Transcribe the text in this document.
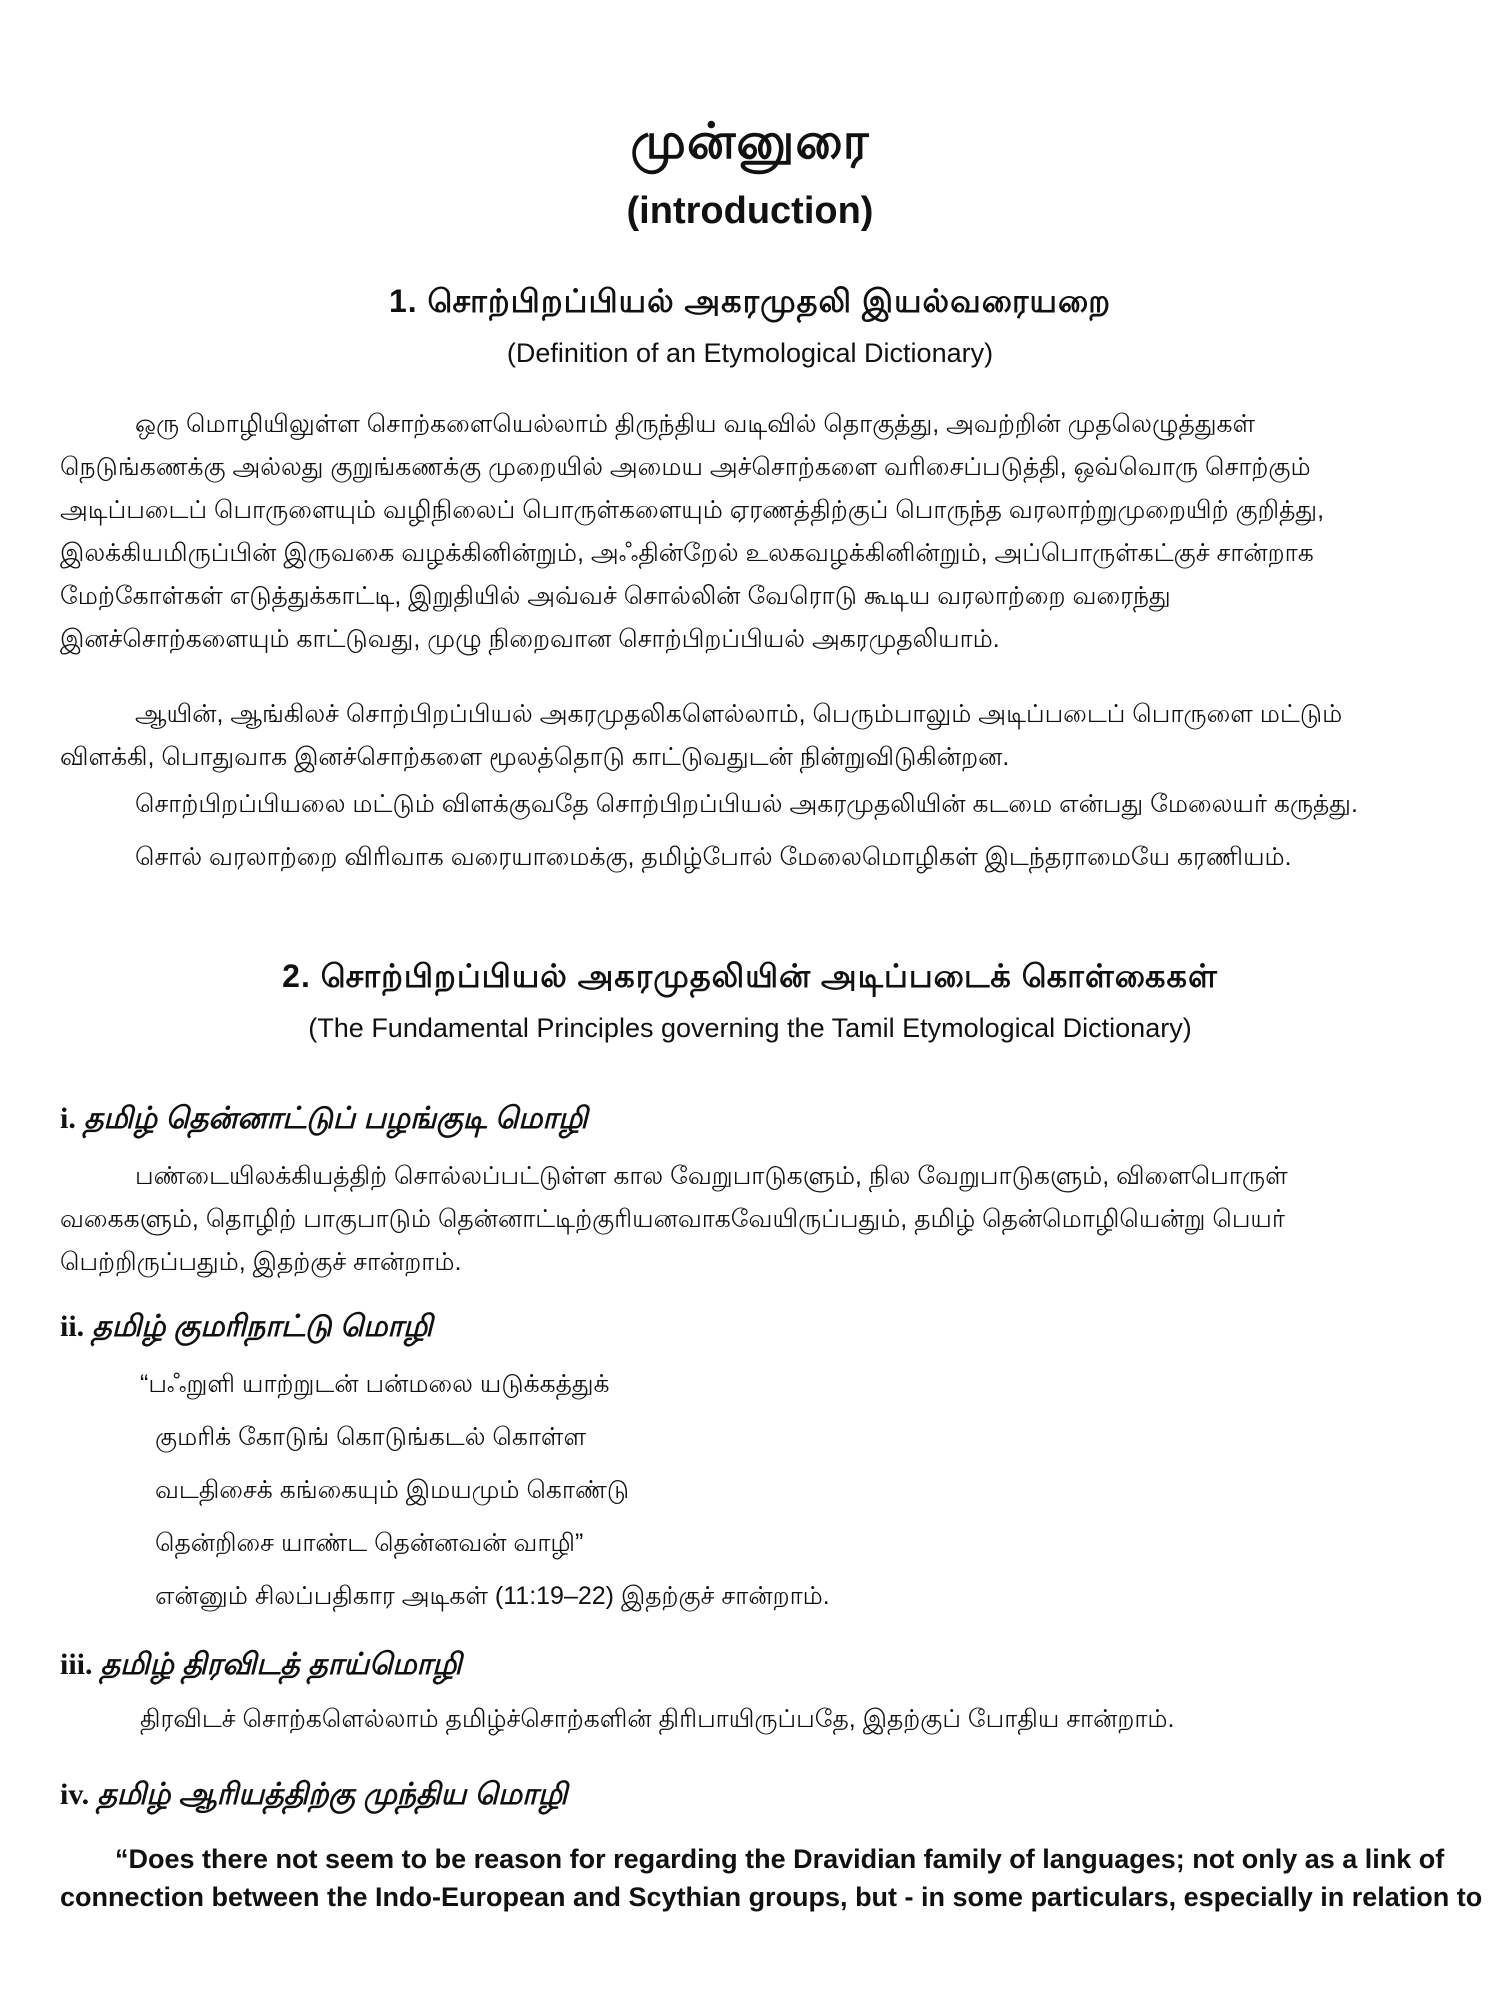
முன்னுரை
(introduction)
1. சொற்பிறப்பியல் அகரமுதலி இயல்வரையறை
(Definition of an Etymological Dictionary)
ஒரு மொழியிலுள்ள சொற்களையெல்லாம் திருந்திய வடிவில் தொகுத்து, அவற்றின் முதலெழுத்துகள்
நெடுங்கணக்கு அல்லது குறுங்கணக்கு முறையில் அமைய அச்சொற்களை வரிசைப்படுத்தி, ஒவ்வொரு சொற்கும்
அடிப்படைப் பொருளையும் வழிநிலைப் பொருள்களையும் ஏரணத்திற்குப் பொருந்த வரலாற்றுமுறையிற் குறித்து,
இலக்கியமிருப்பின் இருவகை வழக்கினின்றும், அஃதின்றேல் உலகவழக்கினின்றும், அப்பொருள்கட்குச் சான்றாக
மேற்கோள்கள் எடுத்துக்காட்டி, இறுதியில் அவ்வச் சொல்லின் வேரொடு கூடிய வரலாற்றை வரைந்து
இனச்சொற்களையும் காட்டுவது, முழு நிறைவான சொற்பிறப்பியல் அகரமுதலியாம்.
ஆயின், ஆங்கிலச் சொற்பிறப்பியல் அகரமுதலிகளெல்லாம், பெரும்பாலும் அடிப்படைப் பொருளை மட்டும்
விளக்கி, பொதுவாக இனச்சொற்களை மூலத்தொடு காட்டுவதுடன் நின்றுவிடுகின்றன.
சொற்பிறப்பியலை மட்டும் விளக்குவதே சொற்பிறப்பியல் அகரமுதலியின் கடமை என்பது மேலையர் கருத்து.
சொல் வரலாற்றை விரிவாக வரையாமைக்கு, தமிழ்போல் மேலைமொழிகள் இடந்தராமையே கரணியம்.
2. சொற்பிறப்பியல் அகரமுதலியின் அடிப்படைக் கொள்கைகள்
(The Fundamental Principles governing the Tamil Etymological Dictionary)
i. தமிழ் தென்னாட்டுப் பழங்குடி மொழி
பண்டையிலக்கியத்திற் சொல்லப்பட்டுள்ள கால வேறுபாடுகளும், நில வேறுபாடுகளும், விளைபொருள்
வகைகளும், தொழிற் பாகுபாடும் தென்னாட்டிற்குரியனவாகவேயிருப்பதும், தமிழ் தென்மொழியென்று பெயர்
பெற்றிருப்பதும், இதற்குச் சான்றாம்.
ii. தமிழ் குமரிநாட்டு மொழி
“பஃறுளி யாற்றுடன் பன்மலை யடுக்கத்துக்
குமரிக் கோடுங் கொடுங்கடல் கொள்ள
வடதிசைக் கங்கையும் இமயமும் கொண்டு
தென்றிசை யாண்ட தென்னவன் வாழி”
என்னும் சிலப்பதிகார அடிகள் (11:19–22) இதற்குச் சான்றாம்.
iii. தமிழ் திரவிடத் தாய்மொழி
திரவிடச் சொற்களெல்லாம் தமிழ்ச்சொற்களின் திரிபாயிருப்பதே, இதற்குப் போதிய சான்றாம்.
iv. தமிழ் ஆரியத்திற்கு முந்திய மொழி
“Does there not seem to be reason for regarding the Dravidian family of languages; not only as a link of
connection between the Indo-European and Scythian groups, but - in some particulars, especially in relation to
